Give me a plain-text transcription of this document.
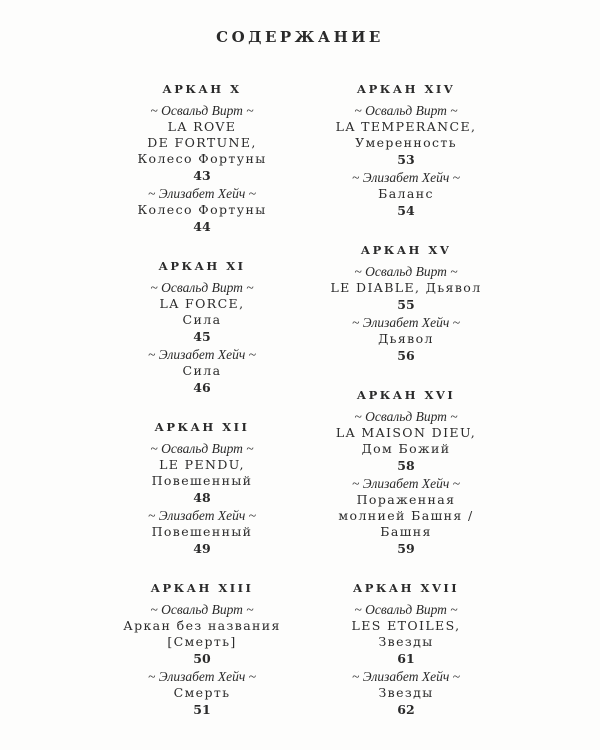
СОДЕРЖАНИЕ
АРКАН X
~ Освальд Вирт ~
LA ROVE
DE FORTUNE,
Колесо Фортуны
43
~ Элизабет Хейч ~
Колесо Фортуны
44
АРКАН XI
~ Освальд Вирт ~
LA FORCE,
Сила
45
~ Элизабет Хейч ~
Сила
46
АРКАН XII
~ Освальд Вирт ~
LE PENDU,
Повешенный
48
~ Элизабет Хейч ~
Повешенный
49
АРКАН XIII
~ Освальд Вирт ~
Аркан без названия
[Смерть]
50
~ Элизабет Хейч ~
Смерть
51
АРКАН XIV
~ Освальд Вирт ~
LA TEMPERANCE,
Умеренность
53
~ Элизабет Хейч ~
Баланс
54
АРКАН XV
~ Освальд Вирт ~
LE DIABLE, Дьявол
55
~ Элизабет Хейч ~
Дьявол
56
АРКАН XVI
~ Освальд Вирт ~
LA MAISON DIEU,
Дом Божий
58
~ Элизабет Хейч ~
Пораженная
молнией Башня /
Башня
59
АРКАН XVII
~ Освальд Вирт ~
LES ETOILES,
Звезды
61
~ Элизабет Хейч ~
Звезды
62
